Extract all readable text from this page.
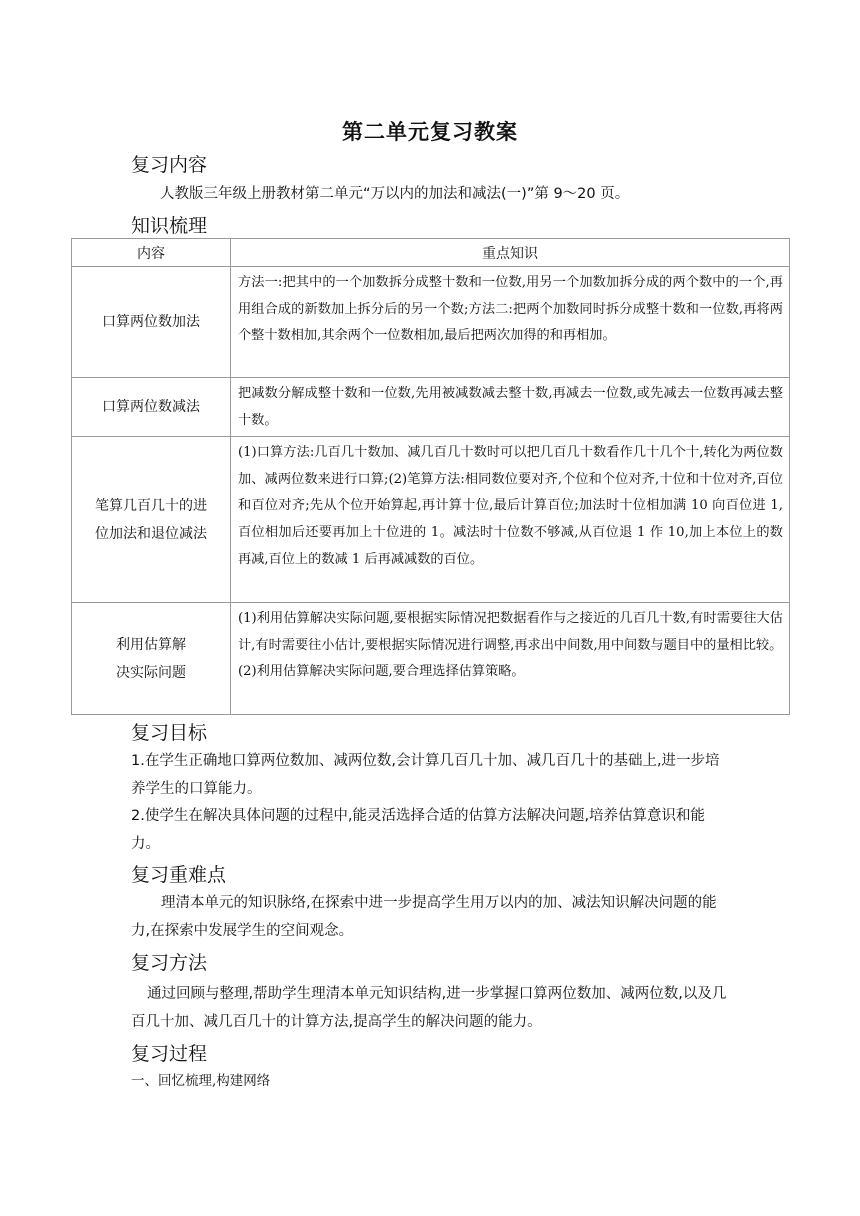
第二单元复习教案
复习内容
人教版三年级上册教材第二单元“万以内的加法和减法(一)”第 9～20 页。
知识梳理
内容	重点知识
口算两位数加法	方法一:把其中的一个加数拆分成整十数和一位数,用另一个加数加拆分成的两个数中的一个,再用组合成的新数加上拆分后的另一个数;方法二:把两个加数同时拆分成整十数和一位数,再将两个整十数相加,其余两个一位数相加,最后把两次加得的和再相加。
口算两位数减法	把减数分解成整十数和一位数,先用被减数减去整十数,再减去一位数,或先减去一位数再减去整十数。

笔算几百几十的进
位加法和退位减法	(1)口算方法:几百几十数加、减几百几十数时可以把几百几十数看作几十几个十,转化为两位数加、减两位数来进行口算;(2)笔算方法:相同数位要对齐,个位和个位对齐,十位和十位对齐,百位和百位对齐;先从个位开始算起,再计算十位,最后计算百位;加法时十位相加满 10 向百位进 1,百位相加后还要再加上十位进的 1。减法时十位数不够减,从百位退 1 作 10,加上本位上的数再减,百位上的数减 1 后再减减数的百位。

利用估算解
决实际问题	(1)利用估算解决实际问题,要根据实际情况把数据看作与之接近的几百几十数,有时需要往大估计,有时需要往小估计,要根据实际情况进行调整,再求出中间数,用中间数与题目中的量相比较。
(2)利用估算解决实际问题,要合理选择估算策略。
复习目标
1.在学生正确地口算两位数加、减两位数,会计算几百几十加、减几百几十的基础上,进一步培养学生的口算能力。
2.使学生在解决具体问题的过程中,能灵活选择合适的估算方法解决问题,培养估算意识和能力。
复习重难点
理清本单元的知识脉络,在探索中进一步提高学生用万以内的加、减法知识解决问题的能力,在探索中发展学生的空间观念。
复习方法
通过回顾与整理,帮助学生理清本单元知识结构,进一步掌握口算两位数加、减两位数,以及几百几十加、减几百几十的计算方法,提高学生的解决问题的能力。
复习过程
一、回忆梳理,构建网络
